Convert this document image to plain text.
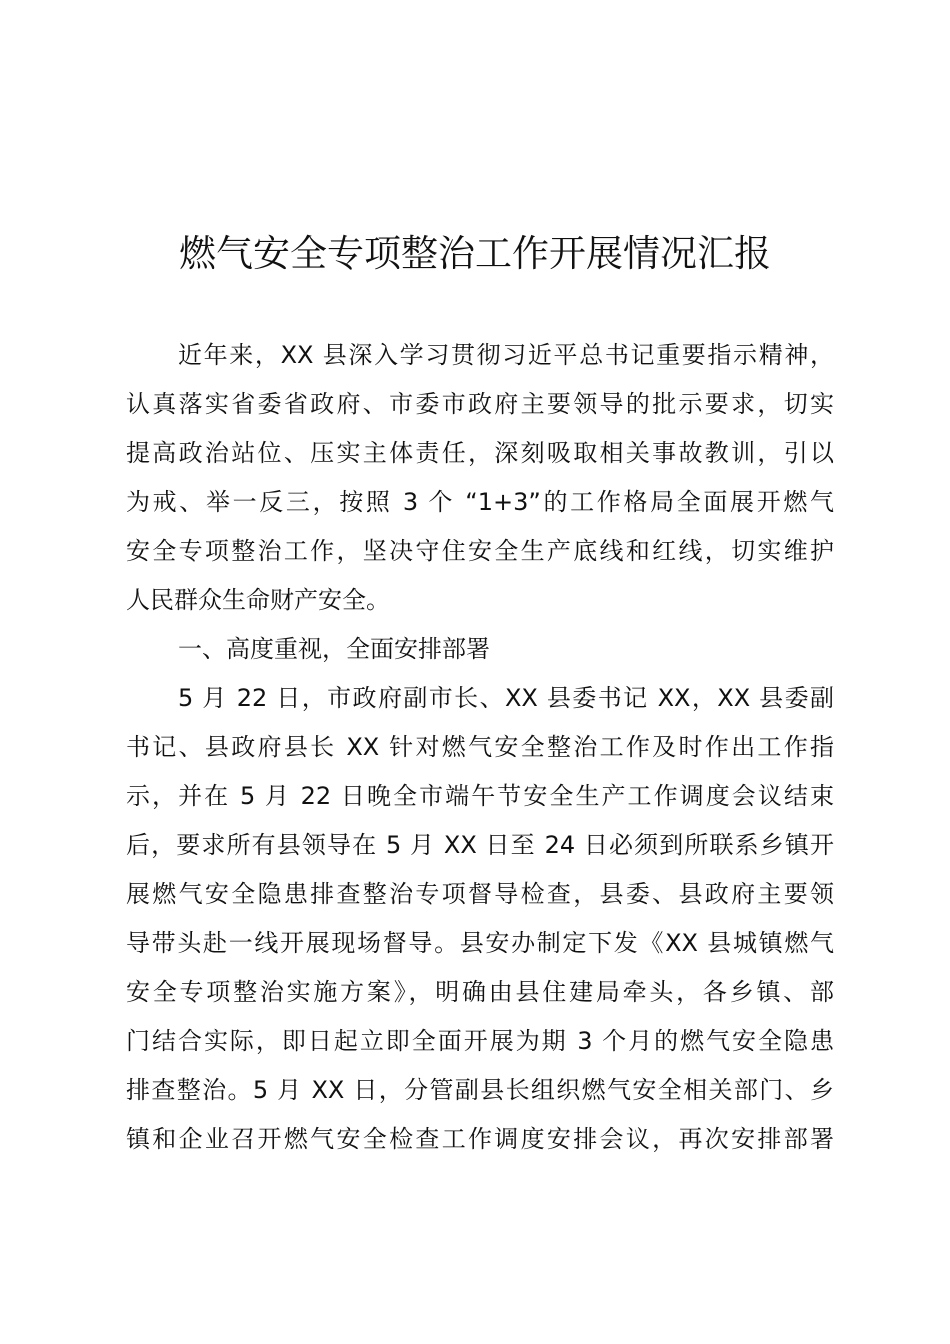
燃气安全专项整治工作开展情况汇报
近年来，XX 县深入学习贯彻习近平总书记重要指示精神，
认真落实省委省政府、市委市政府主要领导的批示要求，切实
提高政治站位、压实主体责任，深刻吸取相关事故教训，引以
为戒、举一反三，按照 3 个 “1+3”的工作格局全面展开燃气
安全专项整治工作，坚决守住安全生产底线和红线，切实维护
人民群众生命财产安全。
一、高度重视，全面安排部署
5 月 22 日，市政府副市长、XX 县委书记 XX，XX 县委副
书记、县政府县长 XX 针对燃气安全整治工作及时作出工作指
示，并在 5 月 22 日晚全市端午节安全生产工作调度会议结束
后，要求所有县领导在 5 月 XX 日至 24 日必须到所联系乡镇开
展燃气安全隐患排查整治专项督导检查，县委、县政府主要领
导带头赴一线开展现场督导。县安办制定下发《XX 县城镇燃气
安全专项整治实施方案》，明确由县住建局牵头，各乡镇、部
门结合实际，即日起立即全面开展为期 3 个月的燃气安全隐患
排查整治。5 月 XX 日，分管副县长组织燃气安全相关部门、乡
镇和企业召开燃气安全检查工作调度安排会议，再次安排部署
